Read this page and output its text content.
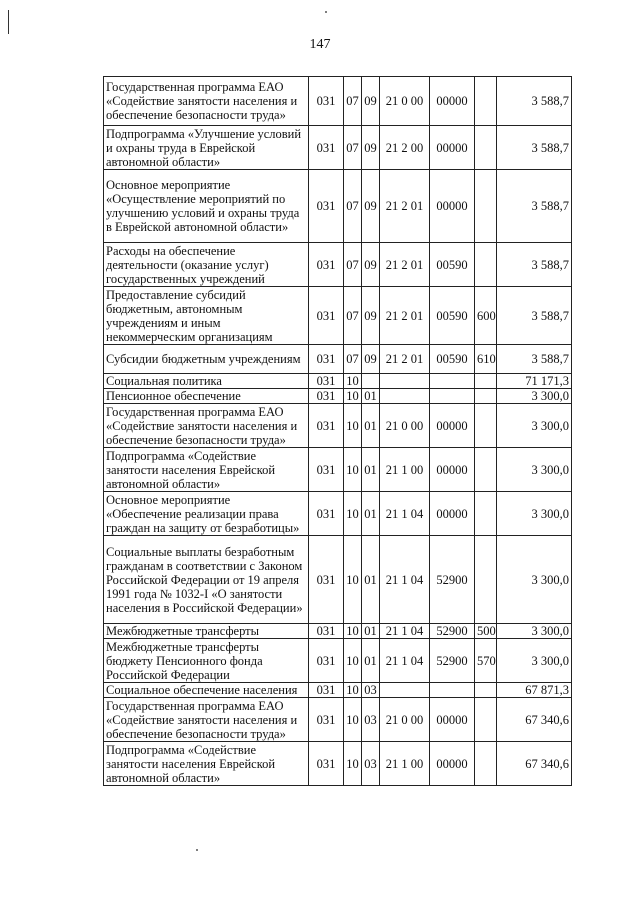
147
Государственная программа ЕАО «Содействие занятости населения и обеспечение безопасности труда»	031	07	09	21 0 00	00000		3 588,7
Подпрограмма «Улучшение условий и охраны труда в Еврейской автономной области»	031	07	09	21 2 00	00000		3 588,7
Основное мероприятие «Осуществление мероприятий по улучшению условий и охраны труда в Еврейской автономной области»	031	07	09	21 2 01	00000		3 588,7
Расходы на обеспечение деятельности (оказание услуг) государственных учреждений	031	07	09	21 2 01	00590		3 588,7
Предоставление субсидий бюджетным, автономным учреждениям и иным некоммерческим организациям	031	07	09	21 2 01	00590	600	3 588,7
Субсидии бюджетным учреждениям	031	07	09	21 2 01	00590	610	3 588,7
Социальная политика	031	10					71 171,3
Пенсионное обеспечение	031	10	01				3 300,0
Государственная программа ЕАО «Содействие занятости населения и обеспечение безопасности труда»	031	10	01	21 0 00	00000		3 300,0
Подпрограмма «Содействие занятости населения Еврейской автономной области»	031	10	01	21 1 00	00000		3 300,0
Основное мероприятие «Обеспечение реализации права граждан на защиту от безработицы»	031	10	01	21 1 04	00000		3 300,0
Социальные выплаты безработным гражданам в соответствии с Законом Российской Федерации от 19 апреля 1991 года № 1032-I «О занятости населения в Российской Федерации»	031	10	01	21 1 04	52900		3 300,0
Межбюджетные трансферты	031	10	01	21 1 04	52900	500	3 300,0
Межбюджетные трансферты бюджету Пенсионного фонда Российской Федерации	031	10	01	21 1 04	52900	570	3 300,0
Социальное обеспечение населения	031	10	03				67 871,3
Государственная программа ЕАО «Содействие занятости населения и обеспечение безопасности труда»	031	10	03	21 0 00	00000		67 340,6
Подпрограмма «Содействие занятости населения Еврейской автономной области»	031	10	03	21 1 00	00000		67 340,6
